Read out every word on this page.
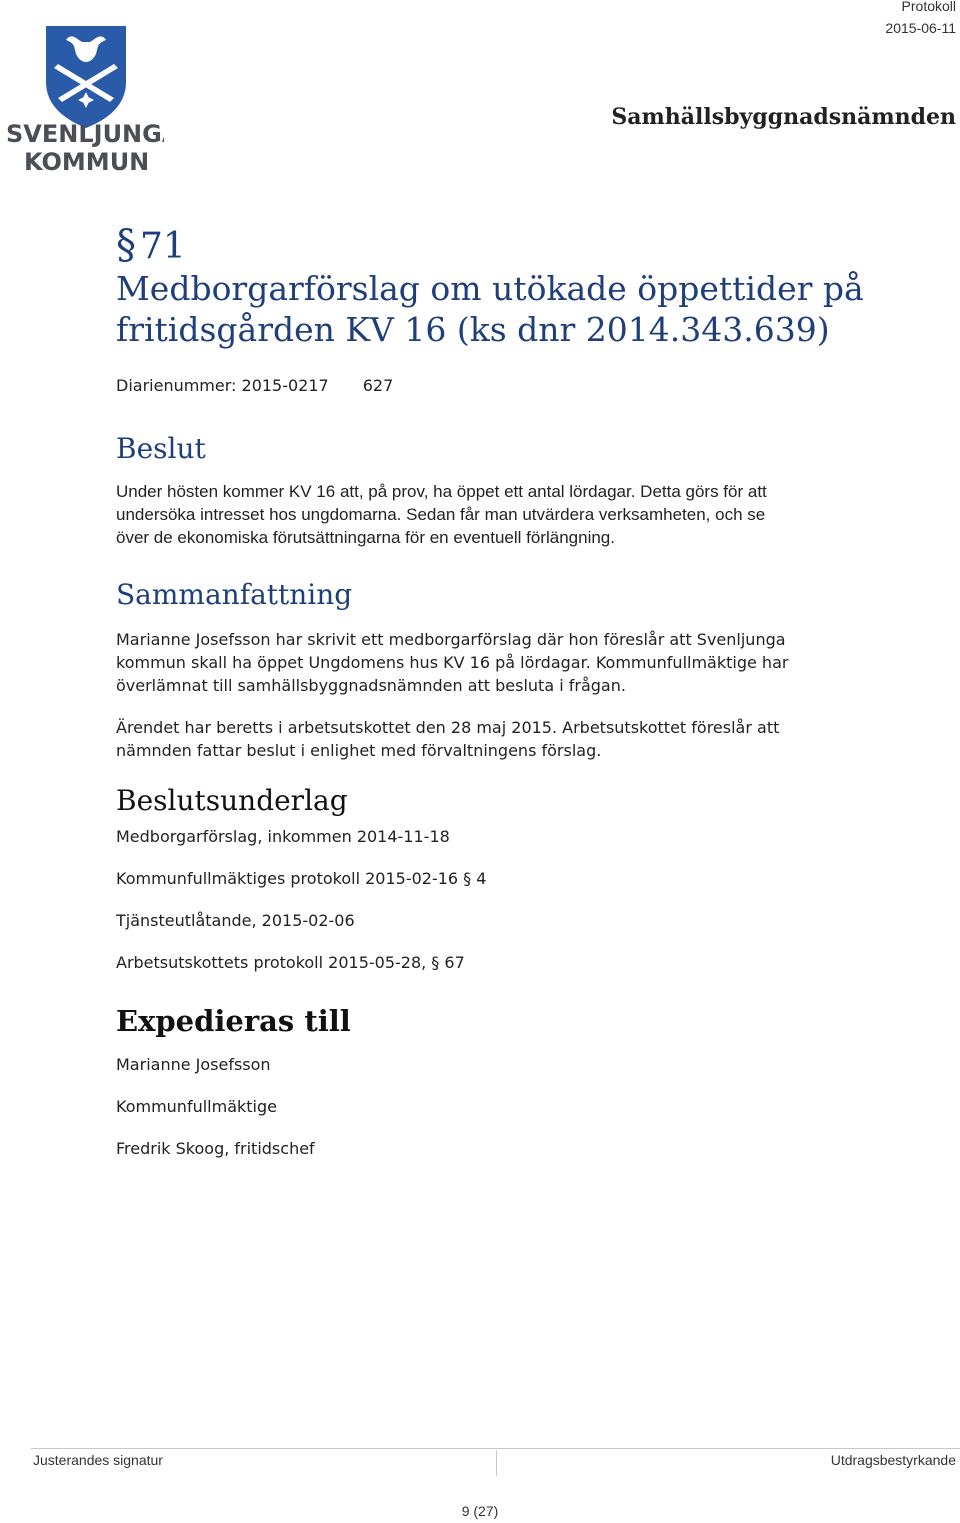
SVENLJUNGA
KOMMUN
Protokoll
2015-06-11
Samhällsbyggnadsnämnden
§ 71
Medborgarförslag om utökade öppettider på
fritidsgården KV 16 (ks dnr 2014.343.639)
Diarienummer: 2015-0217 627
Beslut
Under hösten kommer KV 16 att, på prov, ha öppet ett antal lördagar. Detta görs för att
undersöka intresset hos ungdomarna. Sedan får man utvärdera verksamheten, och se
över de ekonomiska förutsättningarna för en eventuell förlängning.
Sammanfattning
Marianne Josefsson har skrivit ett medborgarförslag där hon föreslår att Svenljunga
kommun skall ha öppet Ungdomens hus KV 16 på lördagar. Kommunfullmäktige har
överlämnat till samhällsbyggnadsnämnden att besluta i frågan.
Ärendet har beretts i arbetsutskottet den 28 maj 2015. Arbetsutskottet föreslår att
nämnden fattar beslut i enlighet med förvaltningens förslag.
Beslutsunderlag
Medborgarförslag, inkommen 2014-11-18
Kommunfullmäktiges protokoll 2015-02-16 § 4
Tjänsteutlåtande, 2015-02-06
Arbetsutskottets protokoll 2015-05-28, § 67
Expedieras till
Marianne Josefsson
Kommunfullmäktige
Fredrik Skoog, fritidschef
Justerandes signatur	Utdragsbestyrkande
9 (27)
